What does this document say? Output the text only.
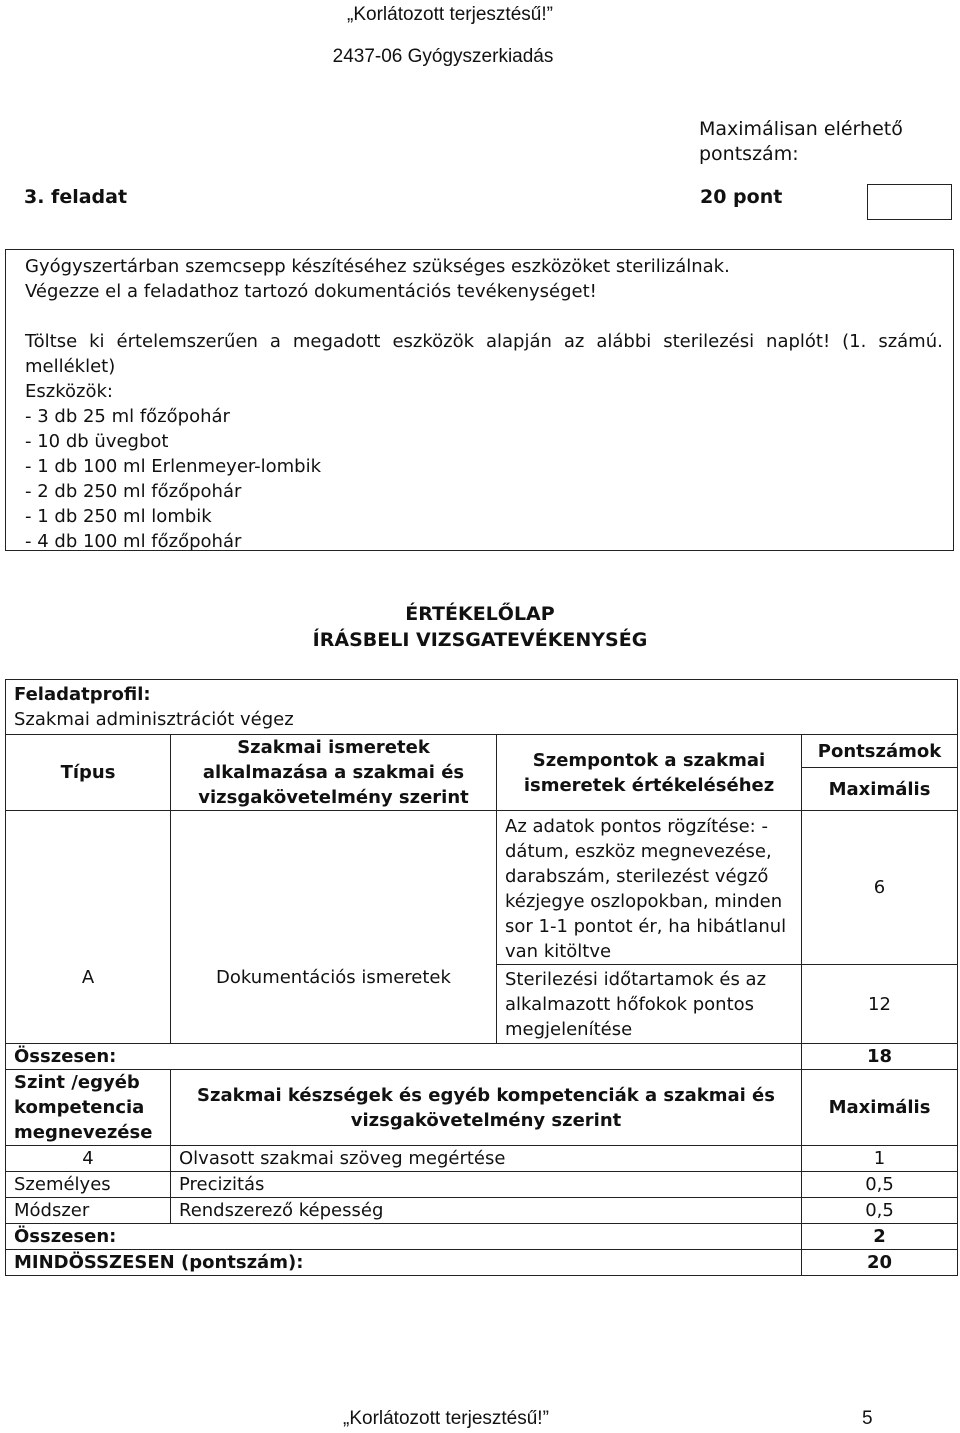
„Korlátozott terjesztésű!”
2437-06 Gyógyszerkiadás
Maximálisan elérhető pontszám:
3. feladat	20 pont
Gyógyszertárban szemcsepp készítéséhez szükséges eszközöket sterilizálnak.
Végezze el a feladathoz tartozó dokumentációs tevékenységet!
Töltse ki értelemszerűen a megadott eszközök alapján az alábbi sterilezési naplót! (1. számú.
melléklet)
Eszközök:
- 3 db 25 ml főzőpohár
- 10 db üvegbot
- 1 db 100 ml Erlenmeyer-lombik
- 2 db 250 ml főzőpohár
- 1 db 250 ml lombik
- 4 db 100 ml főzőpohár
ÉRTÉKELŐLAP
ÍRÁSBELI VIZSGATEVÉKENYSÉG
Feladatprofil:
Szakmai adminisztrációt végez			

Típus	Szakmai ismeretek alkalmazása a szakmai és vizsgakövetelmény szerint	Szempontok a szakmai ismeretek értékeléséhez	Pontszámok
			Maximális
A	Dokumentációs ismeretek	Az adatok pontos rögzítése: - dátum, eszköz megnevezése, darabszám, sterilezést végző kézjegye oszlopokban, minden sor 1-1 pontot ér, ha hibátlanul van kitöltve	6
		Sterilezési időtartamok és az alkalmazott hőfokok pontos megjelenítése	12
Összesen:			18
Szint /egyéb kompetencia megnevezése	Szakmai készségek és egyéb kompetenciák a szakmai és vizsgakövetelmény szerint		Maximális
4	Olvasott szakmai szöveg megértése		1
Személyes	Precizitás		0,5
Módszer	Rendszerező képesség		0,5
Összesen:			2
MINDÖSSZESEN (pontszám):			20
„Korlátozott terjesztésű!”	5
